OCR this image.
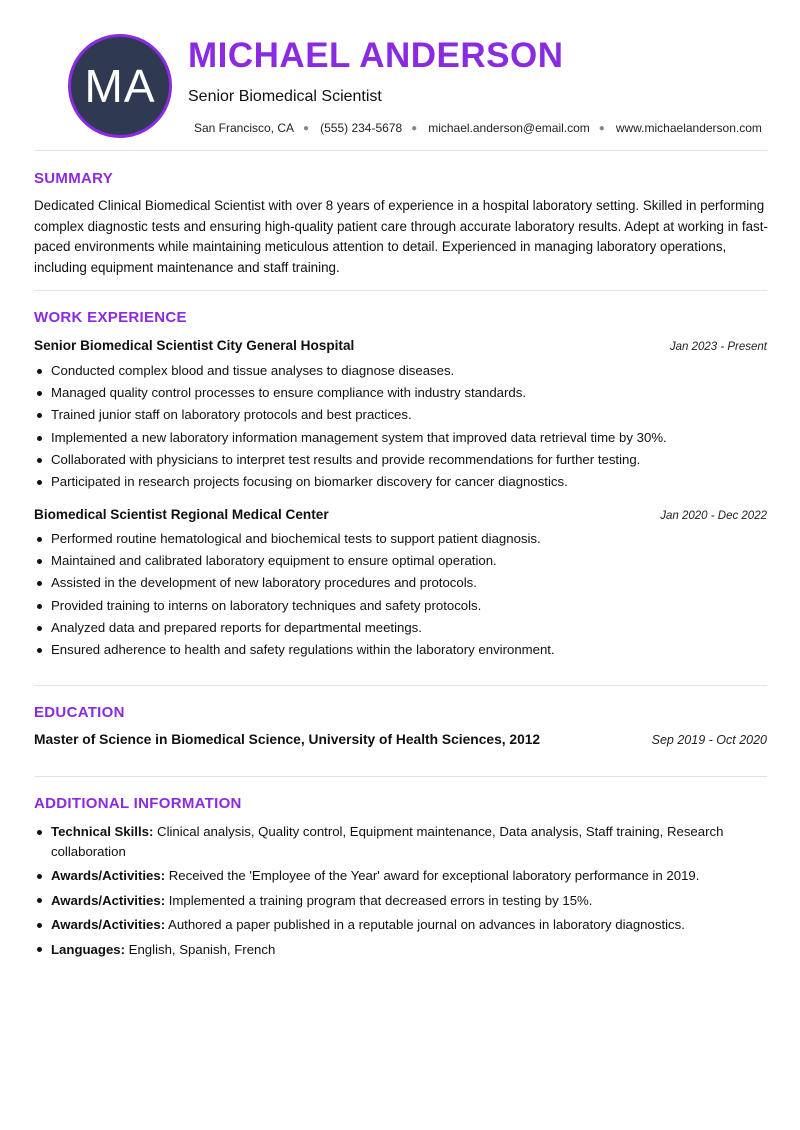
MA
MICHAEL ANDERSON
Senior Biomedical Scientist
San Francisco, CA ● (555) 234-5678 ● michael.anderson@email.com ● www.michaelanderson.com
SUMMARY

Dedicated Clinical Biomedical Scientist with over 8 years of experience in a hospital laboratory setting. Skilled in performing complex diagnostic tests and ensuring high-quality patient care through accurate laboratory results. Adept at working in fast-paced environments while maintaining meticulous attention to detail. Experienced in managing laboratory operations, including equipment maintenance and staff training.

WORK EXPERIENCE
Senior Biomedical Scientist City General Hospital	Jan 2023 - Present
Conducted complex blood and tissue analyses to diagnose diseases.
Managed quality control processes to ensure compliance with industry standards.
Trained junior staff on laboratory protocols and best practices.
Implemented a new laboratory information management system that improved data retrieval time by 30%.
Collaborated with physicians to interpret test results and provide recommendations for further testing.
Participated in research projects focusing on biomarker discovery for cancer diagnostics.
Biomedical Scientist Regional Medical Center	Jan 2020 - Dec 2022
Performed routine hematological and biochemical tests to support patient diagnosis.
Maintained and calibrated laboratory equipment to ensure optimal operation.
Assisted in the development of new laboratory procedures and protocols.
Provided training to interns on laboratory techniques and safety protocols.
Analyzed data and prepared reports for departmental meetings.
Ensured adherence to health and safety regulations within the laboratory environment.
EDUCATION
Master of Science in Biomedical Science, University of Health Sciences, 2012	Sep 2019 - Oct 2020
ADDITIONAL INFORMATION
Technical Skills: Clinical analysis, Quality control, Equipment maintenance, Data analysis, Staff training, Research collaboration
Awards/Activities: Received the 'Employee of the Year' award for exceptional laboratory performance in 2019.
Awards/Activities: Implemented a training program that decreased errors in testing by 15%.
Awards/Activities: Authored a paper published in a reputable journal on advances in laboratory diagnostics.
Languages: English, Spanish, French
